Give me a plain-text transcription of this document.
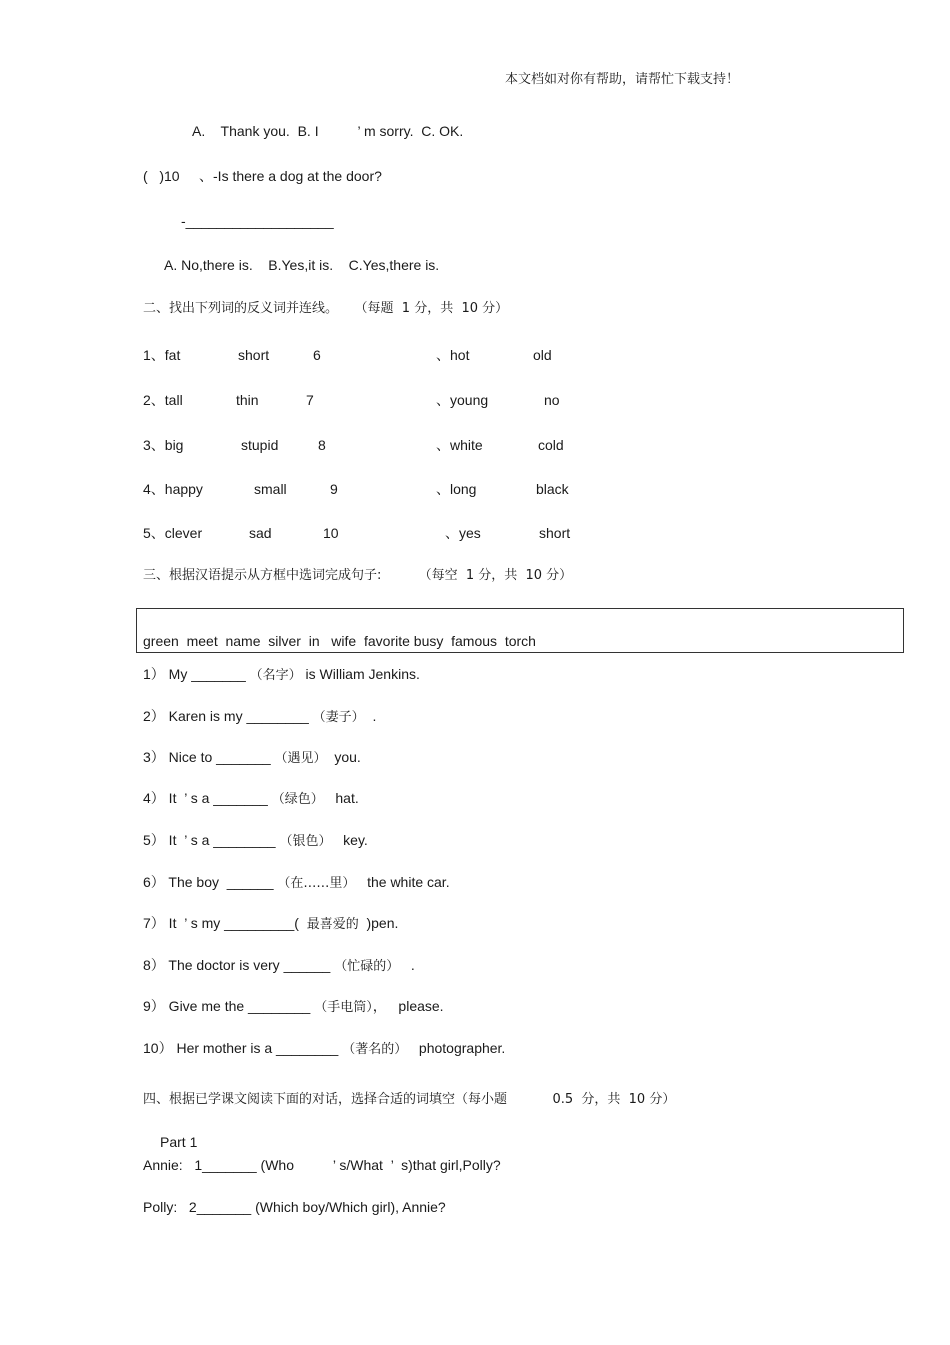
本文档如对你有帮助，请帮忙下载支持！
A.    Thank you.  B. I          ’ m sorry.  C. OK.
(   )10     、-Is there a dog at the door?
-___________________
A. No,there is.    B.Yes,it is.    C.Yes,there is.
二、找出下列词的反义词并连线。    （每题  1 分，共  10 分）
1、fat	short	6	、hot	old
2、tall	thin	7	、young	no
3、big	stupid	8	、white	cold
4、happy	small	9	、long	black
5、clever	sad	10	、yes	short
三、根据汉语提示从方框中选词完成句子:         （每空  1 分，共  10 分）
green  meet  name  silver  in   wife  favorite busy  famous  torch
1） My _______ （名字） is William Jenkins.
2） Karen is my ________ （妻子）  .
3） Nice to _______ （遇见）  you.
4） It  ’ s a _______ （绿色）   hat.
5） It  ’ s a ________ （银色）   key.
6） The boy  ______ （在……里）   the white car.
7） It  ’ s my _________(  最喜爱的  )pen.
8） The doctor is very ______ （忙碌的）   .
9） Give me the ________ （手电筒），   please.
10） Her mother is a ________ （著名的）   photographer.
四、根据已学课文阅读下面的对话，选择合适的词填空（每小题           0.5  分，共  10 分）
Part 1
Annie:   1_______ (Who          ’ s/What  ’  s)that girl,Polly?
Polly:   2_______ (Which boy/Which girl), Annie?
